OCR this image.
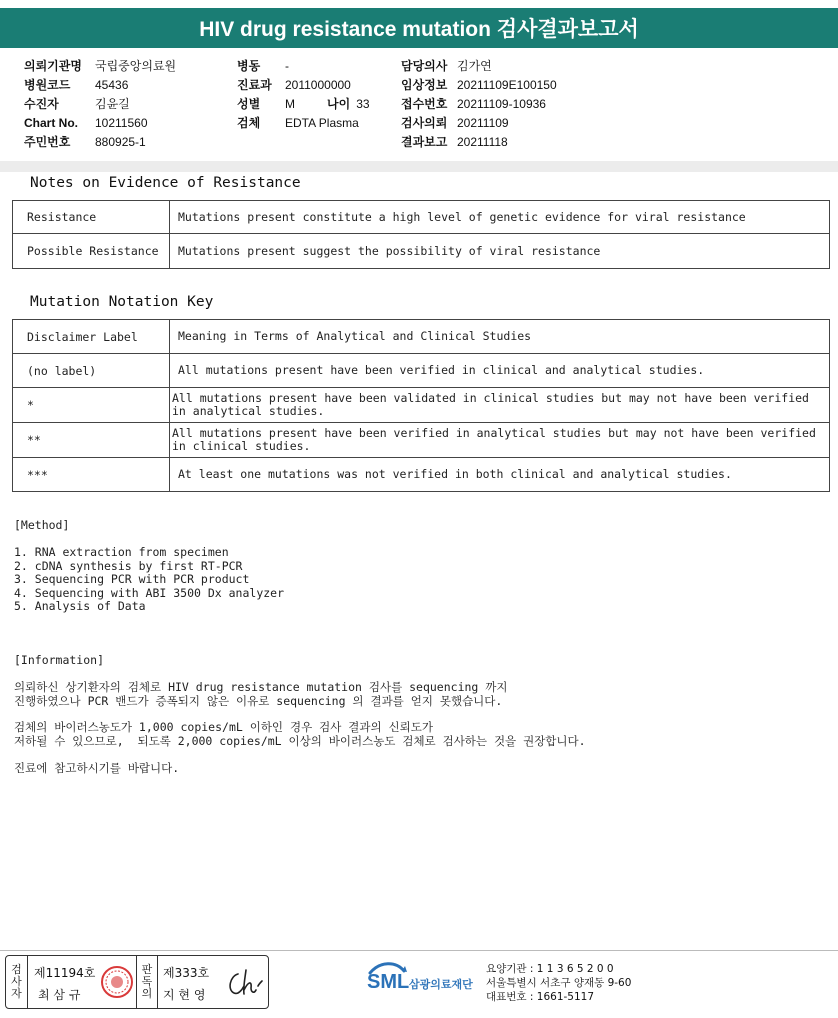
HIV drug resistance mutation 검사결과보고서
의뢰기관명	국립중앙의료원
병원코드	45436
수진자	김윤길
Chart No.	10211560
주민번호	880925-1
병동	-
진료과	2011000000
성별	M	나이 33
검체	EDTA Plasma
담당의사 김가연
임상정보 20211109E100150
접수번호 20211109-10936
검사의뢰 20211109
결과보고 20211118
Notes on Evidence of Resistance
Resistance	Mutations present constitute a high level of genetic evidence for viral resistance
Possible Resistance	Mutations present suggest the possibility of viral resistance
Mutation Notation Key
Disclaimer Label	Meaning in Terms of Analytical and Clinical Studies
(no label)	All mutations present have been verified in clinical and analytical studies.
*	All mutations present have been validated in clinical studies but may not have been verified in analytical studies.
**	All mutations present have been verified in analytical studies but may not have been verified in clinical studies.
***	At least one mutations was not verified in both clinical and analytical studies.
[Method]
1. RNA extraction from specimen
2. cDNA synthesis by first RT-PCR
3. Sequencing PCR with PCR product
4. Sequencing with ABI 3500 Dx analyzer
5. Analysis of Data
[Information]
의뢰하신 상기환자의 검체로 HIV drug resistance mutation 검사를 sequencing 까지
진행하였으나 PCR 밴드가 증폭되지 않은 이유로 sequencing 의 결과를 얻지 못했습니다.
검체의 바이러스농도가 1,000 copies/mL 이하인 경우 검사 결과의 신뢰도가
저하될 수 있으므로,  되도록 2,000 copies/mL 이상의 바이러스농도 검체로 검사하는 것을 권장합니다.
진료에 참고하시기를 바랍니다.
검
사
자
제11194호
최 삼 규
판
독
의
제333호
지 현 영
SML 삼광의료재단
요양기관 : 1 1 3 6 5 2 0 0
서울특별시 서초구 양재동 9-60
대표번호 : 1661-5117
